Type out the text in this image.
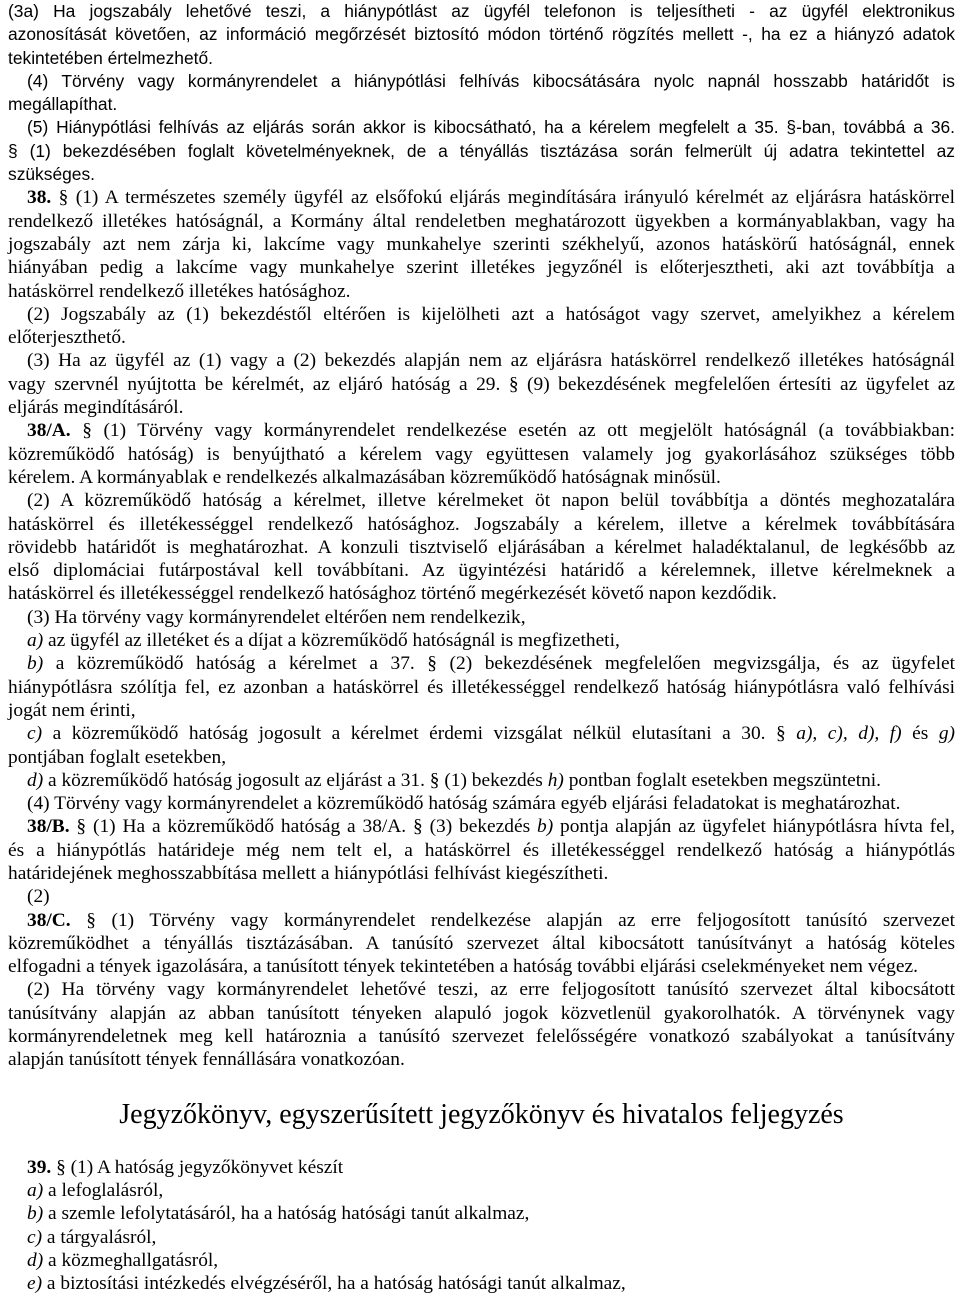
(3a) Ha jogszabály lehetővé teszi, a hiánypótlást az ügyfél telefonon is teljesítheti - az ügyfél elektronikus
azonosítását követően, az információ megőrzését biztosító módon történő rögzítés mellett -, ha ez a hiányzó adatok
tekintetében értelmezhető.

(4) Törvény vagy kormányrendelet a hiánypótlási felhívás kibocsátására nyolc napnál hosszabb határidőt is
megállapíthat.

(5) Hiánypótlási felhívás az eljárás során akkor is kibocsátható, ha a kérelem megfelelt a 35. §-ban, továbbá a 36.
§ (1) bekezdésében foglalt követelményeknek, de a tényállás tisztázása során felmerült új adatra tekintettel az
szükséges.

38. § (1) A természetes személy ügyfél az elsőfokú eljárás megindítására irányuló kérelmét az eljárásra hatáskörrel
rendelkező illetékes hatóságnál, a Kormány által rendeletben meghatározott ügyekben a kormányablakban, vagy ha
jogszabály azt nem zárja ki, lakcíme vagy munkahelye szerinti székhelyű, azonos hatáskörű hatóságnál, ennek
hiányában pedig a lakcíme vagy munkahelye szerint illetékes jegyzőnél is előterjesztheti, aki azt továbbítja a
hatáskörrel rendelkező illetékes hatósághoz.

(2) Jogszabály az (1) bekezdéstől eltérően is kijelölheti azt a hatóságot vagy szervet, amelyikhez a kérelem
előterjeszthető.

(3) Ha az ügyfél az (1) vagy a (2) bekezdés alapján nem az eljárásra hatáskörrel rendelkező illetékes hatóságnál
vagy szervnél nyújtotta be kérelmét, az eljáró hatóság a 29. § (9) bekezdésének megfelelően értesíti az ügyfelet az
eljárás megindításáról.

38/A. § (1) Törvény vagy kormányrendelet rendelkezése esetén az ott megjelölt hatóságnál (a továbbiakban:
közreműködő hatóság) is benyújtható a kérelem vagy együttesen valamely jog gyakorlásához szükséges több
kérelem. A kormányablak e rendelkezés alkalmazásában közreműködő hatóságnak minősül.

(2) A közreműködő hatóság a kérelmet, illetve kérelmeket öt napon belül továbbítja a döntés meghozatalára
hatáskörrel és illetékességgel rendelkező hatósághoz. Jogszabály a kérelem, illetve a kérelmek továbbítására
rövidebb határidőt is meghatározhat. A konzuli tisztviselő eljárásában a kérelmet haladéktalanul, de legkésőbb az
első diplomáciai futárpostával kell továbbítani. Az ügyintézési határidő a kérelemnek, illetve kérelmeknek a
hatáskörrel és illetékességgel rendelkező hatósághoz történő megérkezését követő napon kezdődik.

(3) Ha törvény vagy kormányrendelet eltérően nem rendelkezik,

a) az ügyfél az illetéket és a díjat a közreműködő hatóságnál is megfizetheti,

b) a közreműködő hatóság a kérelmet a 37. § (2) bekezdésének megfelelően megvizsgálja, és az ügyfelet
hiánypótlásra szólítja fel, ez azonban a hatáskörrel és illetékességgel rendelkező hatóság hiánypótlásra való felhívási
jogát nem érinti,

c) a közreműködő hatóság jogosult a kérelmet érdemi vizsgálat nélkül elutasítani a 30. § a), c), d), f) és g)
pontjában foglalt esetekben,

d) a közreműködő hatóság jogosult az eljárást a 31. § (1) bekezdés h) pontban foglalt esetekben megszüntetni.

(4) Törvény vagy kormányrendelet a közreműködő hatóság számára egyéb eljárási feladatokat is meghatározhat.

38/B. § (1) Ha a közreműködő hatóság a 38/A. § (3) bekezdés b) pontja alapján az ügyfelet hiánypótlásra hívta fel,
és a hiánypótlás határideje még nem telt el, a hatáskörrel és illetékességgel rendelkező hatóság a hiánypótlás
határidejének meghosszabbítása mellett a hiánypótlási felhívást kiegészítheti.

(2)

38/C. § (1) Törvény vagy kormányrendelet rendelkezése alapján az erre feljogosított tanúsító szervezet
közreműködhet a tényállás tisztázásában. A tanúsító szervezet által kibocsátott tanúsítványt a hatóság köteles
elfogadni a tények igazolására, a tanúsított tények tekintetében a hatóság további eljárási cselekményeket nem végez.

(2) Ha törvény vagy kormányrendelet lehetővé teszi, az erre feljogosított tanúsító szervezet által kibocsátott
tanúsítvány alapján az abban tanúsított tényeken alapuló jogok közvetlenül gyakorolhatók. A törvénynek vagy
kormányrendeletnek meg kell határoznia a tanúsító szervezet felelősségére vonatkozó szabályokat a tanúsítvány
alapján tanúsított tények fennállására vonatkozóan.

Jegyzőkönyv, egyszerűsített jegyzőkönyv és hivatalos feljegyzés

39. § (1) A hatóság jegyzőkönyvet készít

a) a lefoglalásról,

b) a szemle lefolytatásáról, ha a hatóság hatósági tanút alkalmaz,

c) a tárgyalásról,

d) a közmeghallgatásról,

e) a biztosítási intézkedés elvégzéséről, ha a hatóság hatósági tanút alkalmaz,
